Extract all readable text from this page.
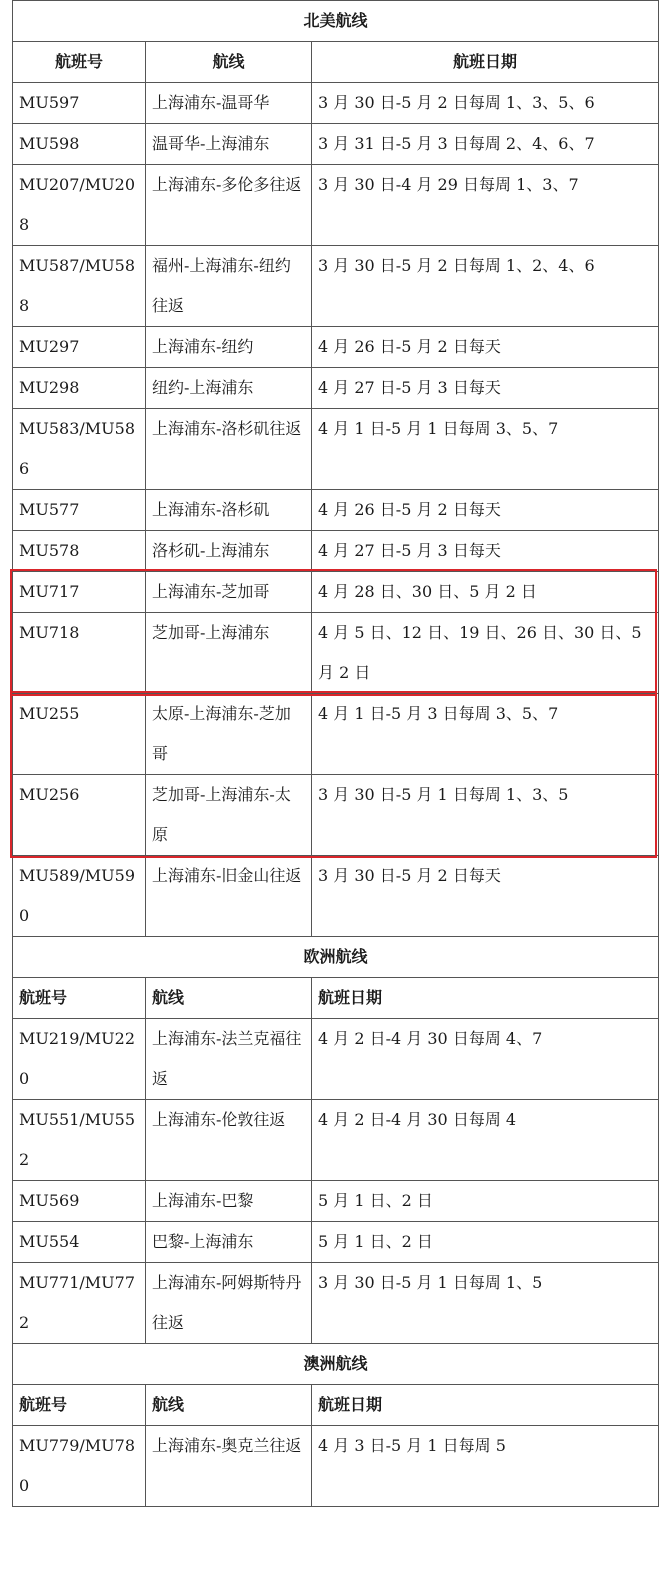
北美航线		
航班号	航线	航班日期
MU597	上海浦东-温哥华	3 月 30 日-5 月 2 日每周 1、3、5、6
MU598	温哥华-上海浦东	3 月 31 日-5 月 3 日每周 2、4、6、7
MU207/MU208	上海浦东-多伦多往返	3 月 30 日-4 月 29 日每周 1、3、7
MU587/MU588	福州-上海浦东-纽约 往返	3 月 30 日-5 月 2 日每周 1、2、4、6
MU297	上海浦东-纽约	4 月 26 日-5 月 2 日每天
MU298	纽约-上海浦东	4 月 27 日-5 月 3 日每天
MU583/MU586	上海浦东-洛杉矶往返	4 月 1 日-5 月 1 日每周 3、5、7
MU577	上海浦东-洛杉矶	4 月 26 日-5 月 2 日每天
MU578	洛杉矶-上海浦东	4 月 27 日-5 月 3 日每天
MU717	上海浦东-芝加哥	4 月 28 日、30 日、5 月 2 日
MU718	芝加哥-上海浦东	4 月 5 日、12 日、19 日、26 日、30 日、5 月 2 日
MU255	太原-上海浦东-芝加哥	4 月 1 日-5 月 3 日每周 3、5、7
MU256	芝加哥-上海浦东-太原	3 月 30 日-5 月 1 日每周 1、3、5
MU589/MU590	上海浦东-旧金山往返	3 月 30 日-5 月 2 日每天
欧洲航线		
航班号	航线	航班日期
MU219/MU220	上海浦东-法兰克福往返	4 月 2 日-4 月 30 日每周 4、7
MU551/MU552	上海浦东-伦敦往返	4 月 2 日-4 月 30 日每周 4
MU569	上海浦东-巴黎	5 月 1 日、2 日
MU554	巴黎-上海浦东	5 月 1 日、2 日
MU771/MU772	上海浦东-阿姆斯特丹往返	3 月 30 日-5 月 1 日每周 1、5
澳洲航线		
航班号	航线	航班日期
MU779/MU780	上海浦东-奥克兰往返	4 月 3 日-5 月 1 日每周 5
